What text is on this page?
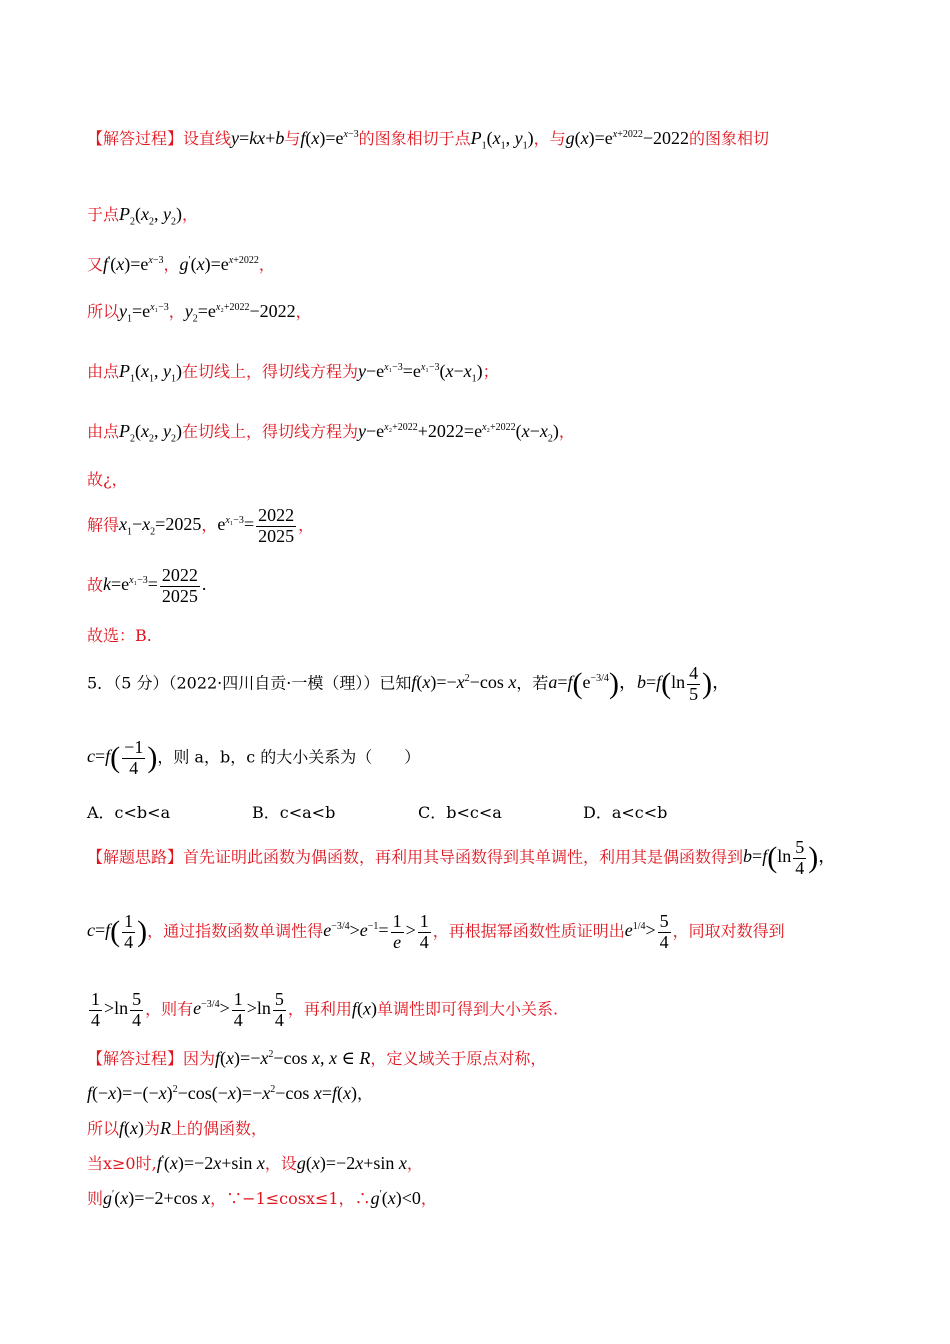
【解答过程】设直线y=kx+b与$f(x)=e^{x-3}$的图象相切于点$P_1(x_1$, $y_1$)，与$g(x)=e^{x+2022}-2022$的图象相切
于点$P_2(x_2$, $y_2$)，
又$f'(x)=e^{x-3}$，$g'(x)=e^{x+2022}$，
所以$y_1=e^{x_1-3}$，$y_2=e^{x_2+2022}-2022$，
由点$P_1(x_1$, $y_1$)在切线上，得切线方程为$y-e^{x_1-3}=e^{x_1-3}(x-x_1)$；
由点$P_2(x_2$, $y_2$)在切线上，得切线方程为$y-e^{x_2+2022}+2022=e^{x_2+2022}(x-x_2)$，
故¿，
解得$x_1-x_2=2025$，$e^{x_1-3}= \frac{2022}{2025}$ ，
故$k=e^{x_1-3}= \frac{2022}{2025}$ .
故选：B.
5．（5 分）（2022·四川自贡·一模（理））已知$f(x)=-x^2-\cos$ x，若$a=f(e^{-3/4})$，$b=f(\ln \frac{4}{5}$ )，
$c=f( \frac{-1}{4}$ )，则 a，b，c 的大小关系为（　　）
A．c<b<a	B．c<a<b	C．b<c<a	D．a<c<b
【解题思路】首先证明此函数为偶函数，再利用其导函数得到其单调性，利用其是偶函数得到$b=f(\ln \frac{5}{4}$ )，
$c=f( \frac{1}{4}$ )，通过指数函数单调性得$e^{-3/4}>e^{-1}= \frac{1}{e} > \frac{1}{4}$ ，再根据幂函数性质证明出$e^{1/4}> \frac{5}{4}$ ，同取对数得到
$\frac{1}{4} >\ln \frac{5}{4}$ ，则有$e^{-3/4}> \frac{1}{4} >\ln \frac{5}{4}$ ，再利用f(x)单调性即可得到大小关系.
【解答过程】因为$f(x)=-x^2-\cos$ x, x ∈ R，定义域关于原点对称，
$f(-x)=-(-x)^2-\cos(-x)=-x^2-\cos$ x=f(x)，
所以f(x)为R上的偶函数，
当x≥0时,f′(x)=−2x+sin x，设g(x)=−2x+sin x，
则g′(x)=−2+cos x，∵−1≤cosx≤1，∴g′(x)<0，
